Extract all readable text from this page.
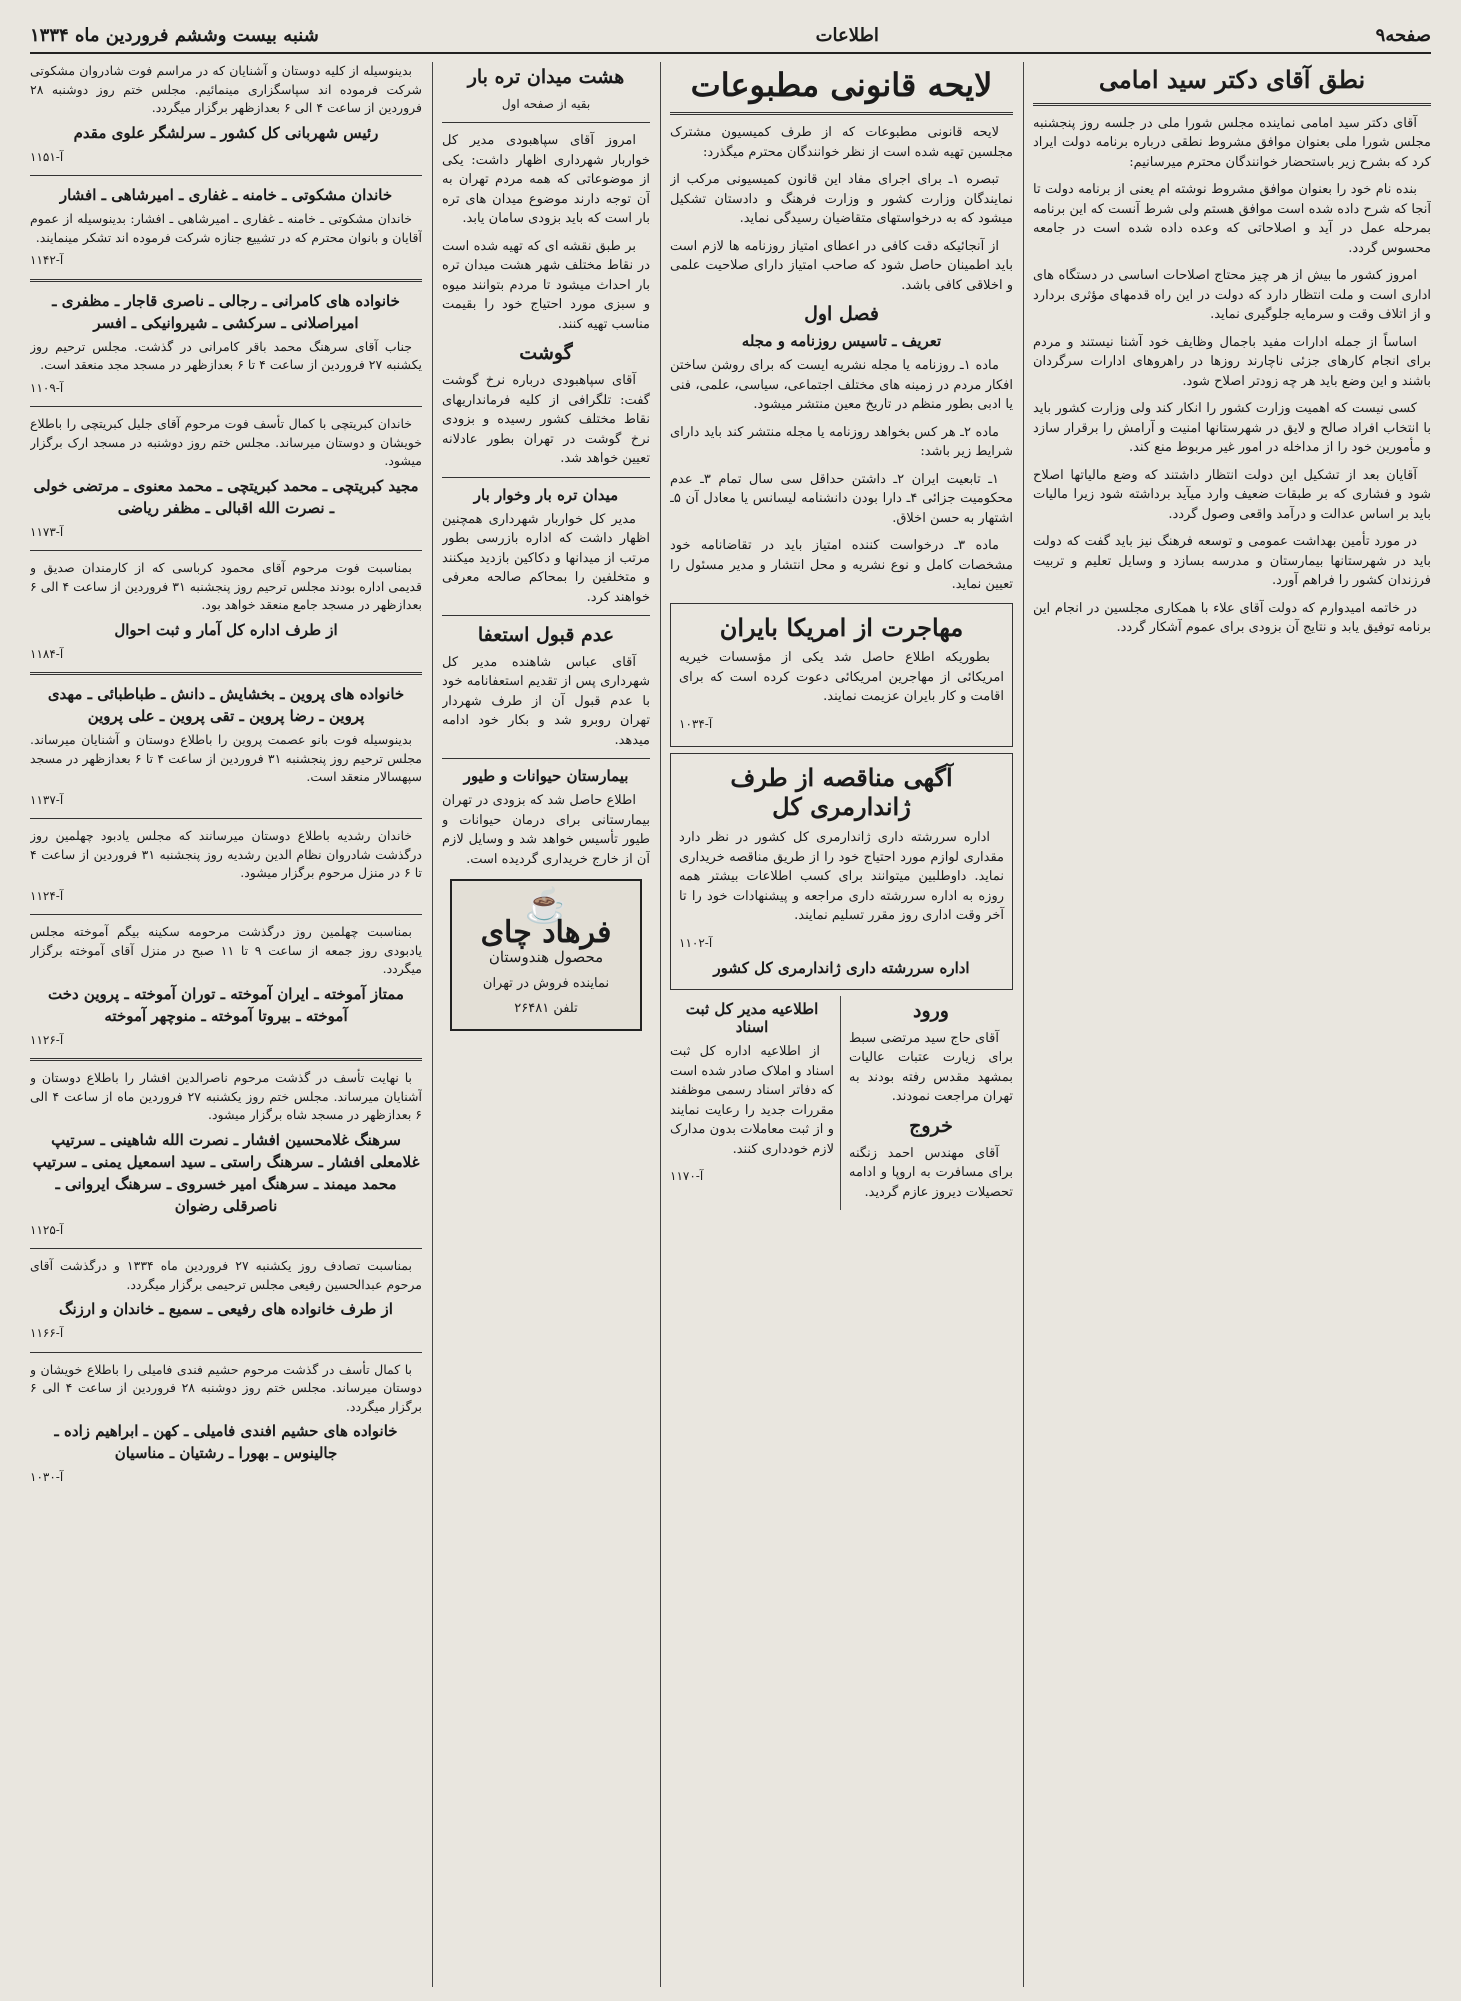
صفحه۹
اطلاعات
شنبه بیست وششم فروردین ماه ۱۳۳۴
نطق آقای دکتر سید امامی

آقای دکتر سید امامی نماینده مجلس شورا ملی در جلسه روز پنجشنبه مجلس شورا ملی بعنوان موافق مشروط نطقی درباره برنامه دولت ایراد کرد که بشرح زیر باستحضار خوانندگان محترم میرسانیم:

بنده نام خود را بعنوان موافق مشروط نوشته ام یعنی از برنامه دولت تا آنجا که شرح داده شده است موافق هستم ولی شرط آنست که این برنامه بمرحله عمل در آید و اصلاحاتی که وعده داده شده است در جامعه محسوس گردد.

امروز کشور ما بیش از هر چیز محتاج اصلاحات اساسی در دستگاه های اداری است و ملت انتظار دارد که دولت در این راه قدمهای مؤثری بردارد و از اتلاف وقت و سرمایه جلوگیری نماید.

اساساً از جمله ادارات مفید باجمال وظایف خود آشنا نیستند و مردم برای انجام کارهای جزئی ناچارند روزها در راهروهای ادارات سرگردان باشند و این وضع باید هر چه زودتر اصلاح شود.

کسی نیست که اهمیت وزارت کشور را انکار کند ولی وزارت کشور باید با انتخاب افراد صالح و لایق در شهرستانها امنیت و آرامش را برقرار سازد و مأمورین خود را از مداخله در امور غیر مربوط منع کند.

آقایان بعد از تشکیل این دولت انتظار داشتند که وضع مالیاتها اصلاح شود و فشاری که بر طبقات ضعیف وارد میآید برداشته شود زیرا مالیات باید بر اساس عدالت و درآمد واقعی وصول گردد.

در مورد تأمین بهداشت عمومی و توسعه فرهنگ نیز باید گفت که دولت باید در شهرستانها بیمارستان و مدرسه بسازد و وسایل تعلیم و تربیت فرزندان کشور را فراهم آورد.

در خاتمه امیدوارم که دولت آقای علاء با همکاری مجلسین در انجام این برنامه توفیق یابد و نتایج آن بزودی برای عموم آشکار گردد.

لایحه قانونی مطبوعات

لایحه قانونی مطبوعات که از طرف کمیسیون مشترک مجلسین تهیه شده است از نظر خوانندگان محترم میگذرد:

تبصره ۱ـ برای اجرای مفاد این قانون کمیسیونی مرکب از نمایندگان وزارت کشور و وزارت فرهنگ و دادستان تشکیل میشود که به درخواستهای متقاضیان رسیدگی نماید.

از آنجائیکه دقت کافی در اعطای امتیاز روزنامه ها لازم است باید اطمینان حاصل شود که صاحب امتیاز دارای صلاحیت علمی و اخلاقی کافی باشد.

فصل اول
تعریف ـ تاسیس روزنامه و مجله

ماده ۱ـ روزنامه یا مجله نشریه ایست که برای روشن ساختن افکار مردم در زمینه های مختلف اجتماعی، سیاسی، علمی، فنی یا ادبی بطور منظم در تاریخ معین منتشر میشود.

ماده ۲ـ هر کس بخواهد روزنامه یا مجله منتشر کند باید دارای شرایط زیر باشد:

۱ـ تابعیت ایران ۲ـ داشتن حداقل سی سال تمام ۳ـ عدم محکومیت جزائی ۴ـ دارا بودن دانشنامه لیسانس یا معادل آن ۵ـ اشتهار به حسن اخلاق.

ماده ۳ـ درخواست کننده امتیاز باید در تقاضانامه خود مشخصات کامل و نوع نشریه و محل انتشار و مدیر مسئول را تعیین نماید.

مهاجرت از امریکا بایران

بطوریکه اطلاع حاصل شد یکی از مؤسسات خیریه امریکائی از مهاجرین امریکائی دعوت کرده است که برای اقامت و کار بایران عزیمت نمایند.

آ-۱۰۳۴
آگهی مناقصه از طرف ژاندارمری کل

اداره سررشته داری ژاندارمری کل کشور در نظر دارد مقداری لوازم مورد احتیاج خود را از طریق مناقصه خریداری نماید. داوطلبین میتوانند برای کسب اطلاعات بیشتر همه روزه به اداره سررشته داری مراجعه و پیشنهادات خود را تا آخر وقت اداری روز مقرر تسلیم نمایند.

آ-۱۱۰۲
اداره سررشته داری ژاندارمری کل کشور
ورود

آقای حاج سید مرتضی سبط برای زیارت عتبات عالیات بمشهد مقدس رفته بودند به تهران مراجعت نمودند.

خروج

آقای مهندس احمد زنگنه برای مسافرت به اروپا و ادامه تحصیلات دیروز عازم گردید.

اطلاعیه مدیر کل ثبت اسناد

از اطلاعیه اداره کل ثبت اسناد و املاک صادر شده است که دفاتر اسناد رسمی موظفند مقررات جدید را رعایت نمایند و از ثبت معاملات بدون مدارک لازم خودداری کنند.

آ-۱۱۷۰
هشت میدان تره بار
بقیه از صفحه اول

امروز آقای سپاهبودی مدیر کل خواربار شهرداری اظهار داشت: یکی از موضوعاتی که همه مردم تهران به آن توجه دارند موضوع میدان های تره بار است که باید بزودی سامان یابد.

بر طبق نقشه ای که تهیه شده است در نقاط مختلف شهر هشت میدان تره بار احداث میشود تا مردم بتوانند میوه و سبزی مورد احتیاج خود را بقیمت مناسب تهیه کنند.

گوشت

آقای سپاهبودی درباره نرخ گوشت گفت: تلگرافی از کلیه فرمانداریهای نقاط مختلف کشور رسیده و بزودی نرخ گوشت در تهران بطور عادلانه تعیین خواهد شد.

میدان تره بار وخوار بار

مدیر کل خواربار شهرداری همچنین اظهار داشت که اداره بازرسی بطور مرتب از میدانها و دکاکین بازدید میکنند و متخلفین را بمحاکم صالحه معرفی خواهند کرد.

عدم قبول استعفا

آقای عباس شاهنده مدیر کل شهرداری پس از تقدیم استعفانامه خود با عدم قبول آن از طرف شهردار تهران روبرو شد و بکار خود ادامه میدهد.

بیمارستان حیوانات و طیور

اطلاع حاصل شد که بزودی در تهران بیمارستانی برای درمان حیوانات و طیور تأسیس خواهد شد و وسایل لازم آن از خارج خریداری گردیده است.

☕
فرهاد چای
محصول هندوستان
نماینده فروش در تهران
تلفن ۲۶۴۸۱

بدینوسیله از کلیه دوستان و آشنایان که در مراسم فوت شادروان مشکوتی شرکت فرموده اند سپاسگزاری مینمائیم. مجلس ختم روز دوشنبه ۲۸ فروردین از ساعت ۴ الی ۶ بعدازظهر برگزار میگردد.

رئیس شهربانی کل کشور ـ سرلشگر علوی مقدم
آ-۱۱۵۱
خاندان مشکوتی ـ خامنه ـ غفاری ـ امیرشاهی ـ افشار

خاندان مشکوتی ـ خامنه ـ غفاری ـ امیرشاهی ـ افشار: بدینوسیله از عموم آقایان و بانوان محترم که در تشییع جنازه شرکت فرموده اند تشکر مینمایند.

آ-۱۱۴۲
خانواده های کامرانی ـ رجالی ـ ناصری قاجار ـ مظفری ـ امیراصلانی ـ سرکشی ـ شیروانیکی ـ افسر

جناب آقای سرهنگ محمد باقر کامرانی در گذشت. مجلس ترحیم روز یکشنبه ۲۷ فروردین از ساعت ۴ تا ۶ بعدازظهر در مسجد مجد منعقد است.

آ-۱۱۰۹

خاندان کبریتچی با کمال تأسف فوت مرحوم آقای جلیل کبریتچی را باطلاع خویشان و دوستان میرساند. مجلس ختم روز دوشنبه در مسجد ارک برگزار میشود.

مجید کبریتچی ـ محمد کبریتچی ـ محمد معنوی ـ مرتضی خولی ـ نصرت الله اقبالی ـ مظفر ریاضی
آ-۱۱۷۳

بمناسبت فوت مرحوم آقای محمود کرباسی که از کارمندان صدیق و قدیمی اداره بودند مجلس ترحیم روز پنجشنبه ۳۱ فروردین از ساعت ۴ الی ۶ بعدازظهر در مسجد جامع منعقد خواهد بود.

از طرف اداره کل آمار و ثبت احوال
آ-۱۱۸۴
خانواده های پروین ـ بخشایش ـ دانش ـ طباطبائی ـ مهدی پروین ـ رضا پروین ـ تقی پروین ـ علی پروین

بدینوسیله فوت بانو عصمت پروین را باطلاع دوستان و آشنایان میرساند. مجلس ترحیم روز پنجشنبه ۳۱ فروردین از ساعت ۴ تا ۶ بعدازظهر در مسجد سپهسالار منعقد است.

آ-۱۱۳۷

خاندان رشدیه باطلاع دوستان میرسانند که مجلس یادبود چهلمین روز درگذشت شادروان نظام الدین رشدیه روز پنجشنبه ۳۱ فروردین از ساعت ۴ تا ۶ در منزل مرحوم برگزار میشود.

آ-۱۱۲۴

بمناسبت چهلمین روز درگذشت مرحومه سکینه بیگم آموخته مجلس یادبودی روز جمعه از ساعت ۹ تا ۱۱ صبح در منزل آقای آموخته برگزار میگردد.

ممتاز آموخته ـ ایران آموخته ـ توران آموخته ـ پروین دخت آموخته ـ بیروتا آموخته ـ منوچهر آموخته
آ-۱۱۲۶

با نهایت تأسف در گذشت مرحوم ناصرالدین افشار را باطلاع دوستان و آشنایان میرساند. مجلس ختم روز یکشنبه ۲۷ فروردین ماه از ساعت ۴ الی ۶ بعدازظهر در مسجد شاه برگزار میشود.

سرهنگ غلامحسین افشار ـ نصرت الله شاهینی ـ سرتیپ غلامعلی افشار ـ سرهنگ راستی ـ سید اسمعیل یمنی ـ سرتیپ محمد میمند ـ سرهنگ امیر خسروی ـ سرهنگ ایروانی ـ ناصرقلی رضوان
آ-۱۱۲۵

بمناسبت تصادف روز یکشنبه ۲۷ فروردین ماه ۱۳۳۴ و درگذشت آقای مرحوم عبدالحسین رفیعی مجلس ترحیمی برگزار میگردد.

از طرف خانواده های رفیعی ـ سمیع ـ خاندان و ارزنگ
آ-۱۱۶۶

با کمال تأسف در گذشت مرحوم حشیم فندی فامیلی را باطلاع خویشان و دوستان میرساند. مجلس ختم روز دوشنبه ۲۸ فروردین از ساعت ۴ الی ۶ برگزار میگردد.

خانواده های حشیم افندی فامیلی ـ کهن ـ ابراهیم زاده ـ جالینوس ـ بهورا ـ رشتیان ـ مناسیان
آ-۱۰۳۰
